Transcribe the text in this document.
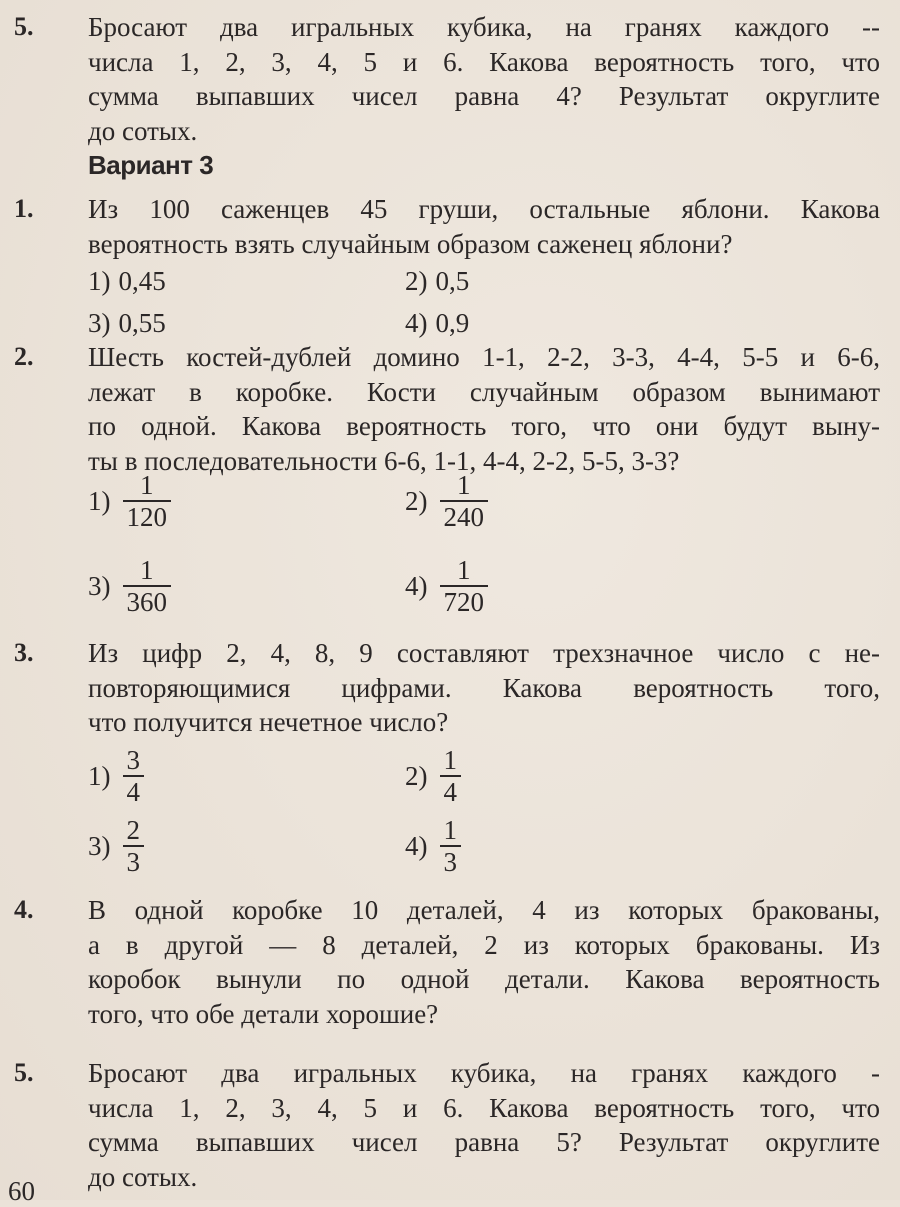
Вариант 3
60
5. Бросают два игральных кубика, на гранях каждого --
числа 1, 2, 3, 4, 5 и 6. Какова вероятность того, что
сумма выпавших чисел равна 4? Результат округлите
до сотых.
1. Из 100 саженцев 45 груши, остальные яблони. Какова
вероятность взять случайным образом саженец яблони?
1) 0,45
3) 0,55
2) 0,5
4) 0,9
2. Шесть костей-дублей домино 1-1, 2-2, 3-3, 4-4, 5-5 и 6-6,
лежат в коробке. Кости случайным образом вынимают
по одной. Какова вероятность того, что они будут выну-
ты в последовательности 6-6, 1-1, 4-4, 2-2, 5-5, 3-3?
$1) \frac{1}{120}$
$3) \frac{1}{360}$
$2) \frac{1}{240}$
$4) \frac{1}{720}$
3. Из цифр 2, 4, 8, 9 составляют трехзначное число с не-
повторяющимися цифрами. Какова вероятность того,
что получится нечетное число?
$1) \frac{3}{4}$
$3) \frac{2}{3}$
$2) \frac{1}{4}$
$4) \frac{1}{3}$
4. В одной коробке 10 деталей, 4 из которых бракованы,
а в другой — 8 деталей, 2 из которых бракованы. Из
коробок вынули по одной детали. Какова вероятность
того, что обе детали хорошие?
5. Бросают два игральных кубика, на гранях каждого -
числа 1, 2, 3, 4, 5 и 6. Какова вероятность того, что
сумма выпавших чисел равна 5? Результат округлите
до сотых.
